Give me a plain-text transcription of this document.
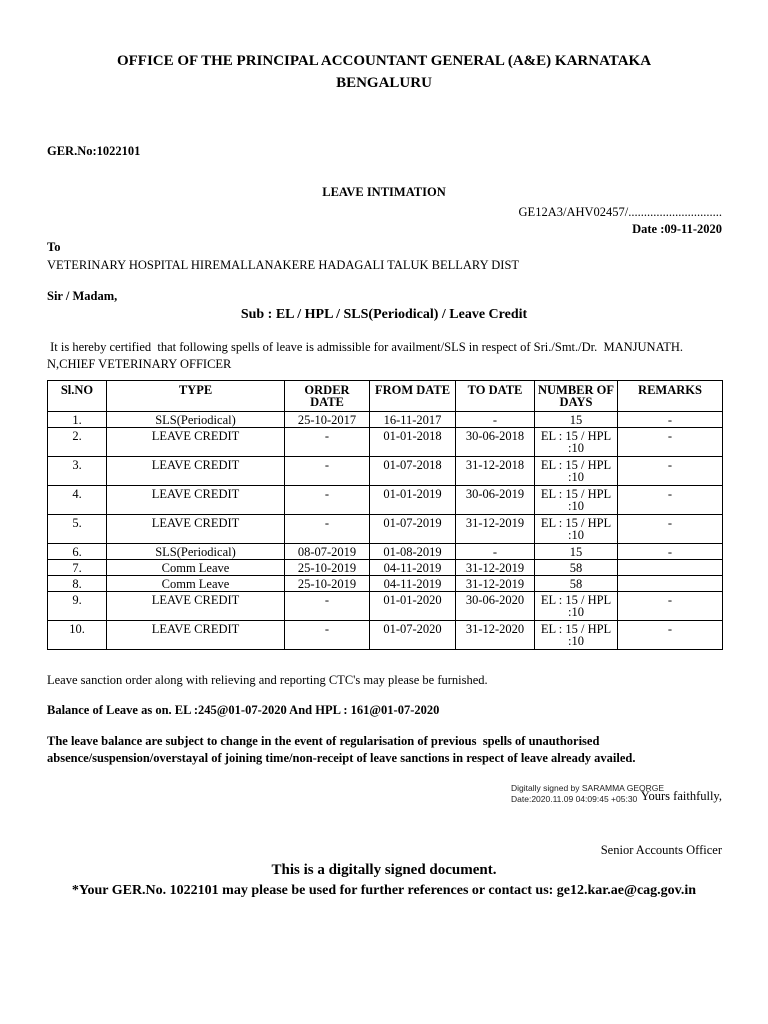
OFFICE OF THE PRINCIPAL ACCOUNTANT GENERAL (A&E) KARNATAKA
BENGALURU
GER.No:1022101
LEAVE INTIMATION
GE12A3/AHV02457/..............................
Date :09-11-2020
To
VETERINARY HOSPITAL HIREMALLANAKERE HADAGALI TALUK BELLARY DIST
Sir / Madam,
Sub : EL / HPL / SLS(Periodical) / Leave Credit
It is hereby certified  that following spells of leave is admissible for availment/SLS in respect of Sri./Smt./Dr.  MANJUNATH.
N,CHIEF VETERINARY OFFICER
Sl.NO	TYPE	ORDER DATE	FROM DATE	TO DATE	NUMBER OF DAYS	REMARKS
1.	SLS(Periodical)	25-10-2017	16-11-2017	-	15	-
2.	LEAVE CREDIT	-	01-01-2018	30-06-2018	EL : 15 / HPL :10	-
3.	LEAVE CREDIT	-	01-07-2018	31-12-2018	EL : 15 / HPL :10	-
4.	LEAVE CREDIT	-	01-01-2019	30-06-2019	EL : 15 / HPL :10	-
5.	LEAVE CREDIT	-	01-07-2019	31-12-2019	EL : 15 / HPL :10	-
6.	SLS(Periodical)	08-07-2019	01-08-2019	-	15	-
7.	Comm Leave	25-10-2019	04-11-2019	31-12-2019	58	
8.	Comm Leave	25-10-2019	04-11-2019	31-12-2019	58	
9.	LEAVE CREDIT	-	01-01-2020	30-06-2020	EL : 15 / HPL :10	-
10.	LEAVE CREDIT	-	01-07-2020	31-12-2020	EL : 15 / HPL :10	-
Leave sanction order along with relieving and reporting CTC's may please be furnished.
Balance of Leave as on. EL :245@01-07-2020 And HPL : 161@01-07-2020
The leave balance are subject to change in the event of regularisation of previous  spells of unauthorised
absence/suspension/overstayal of joining time/non-receipt of leave sanctions in respect of leave already availed.
Digitally signed by SARAMMA GEORGE
Date:2020.11.09 04:09:45 +05:30 Yours faithfully,
Senior Accounts Officer
This is a digitally signed document.
*Your GER.No. 1022101 may please be used for further references or contact us: ge12.kar.ae@cag.gov.in
